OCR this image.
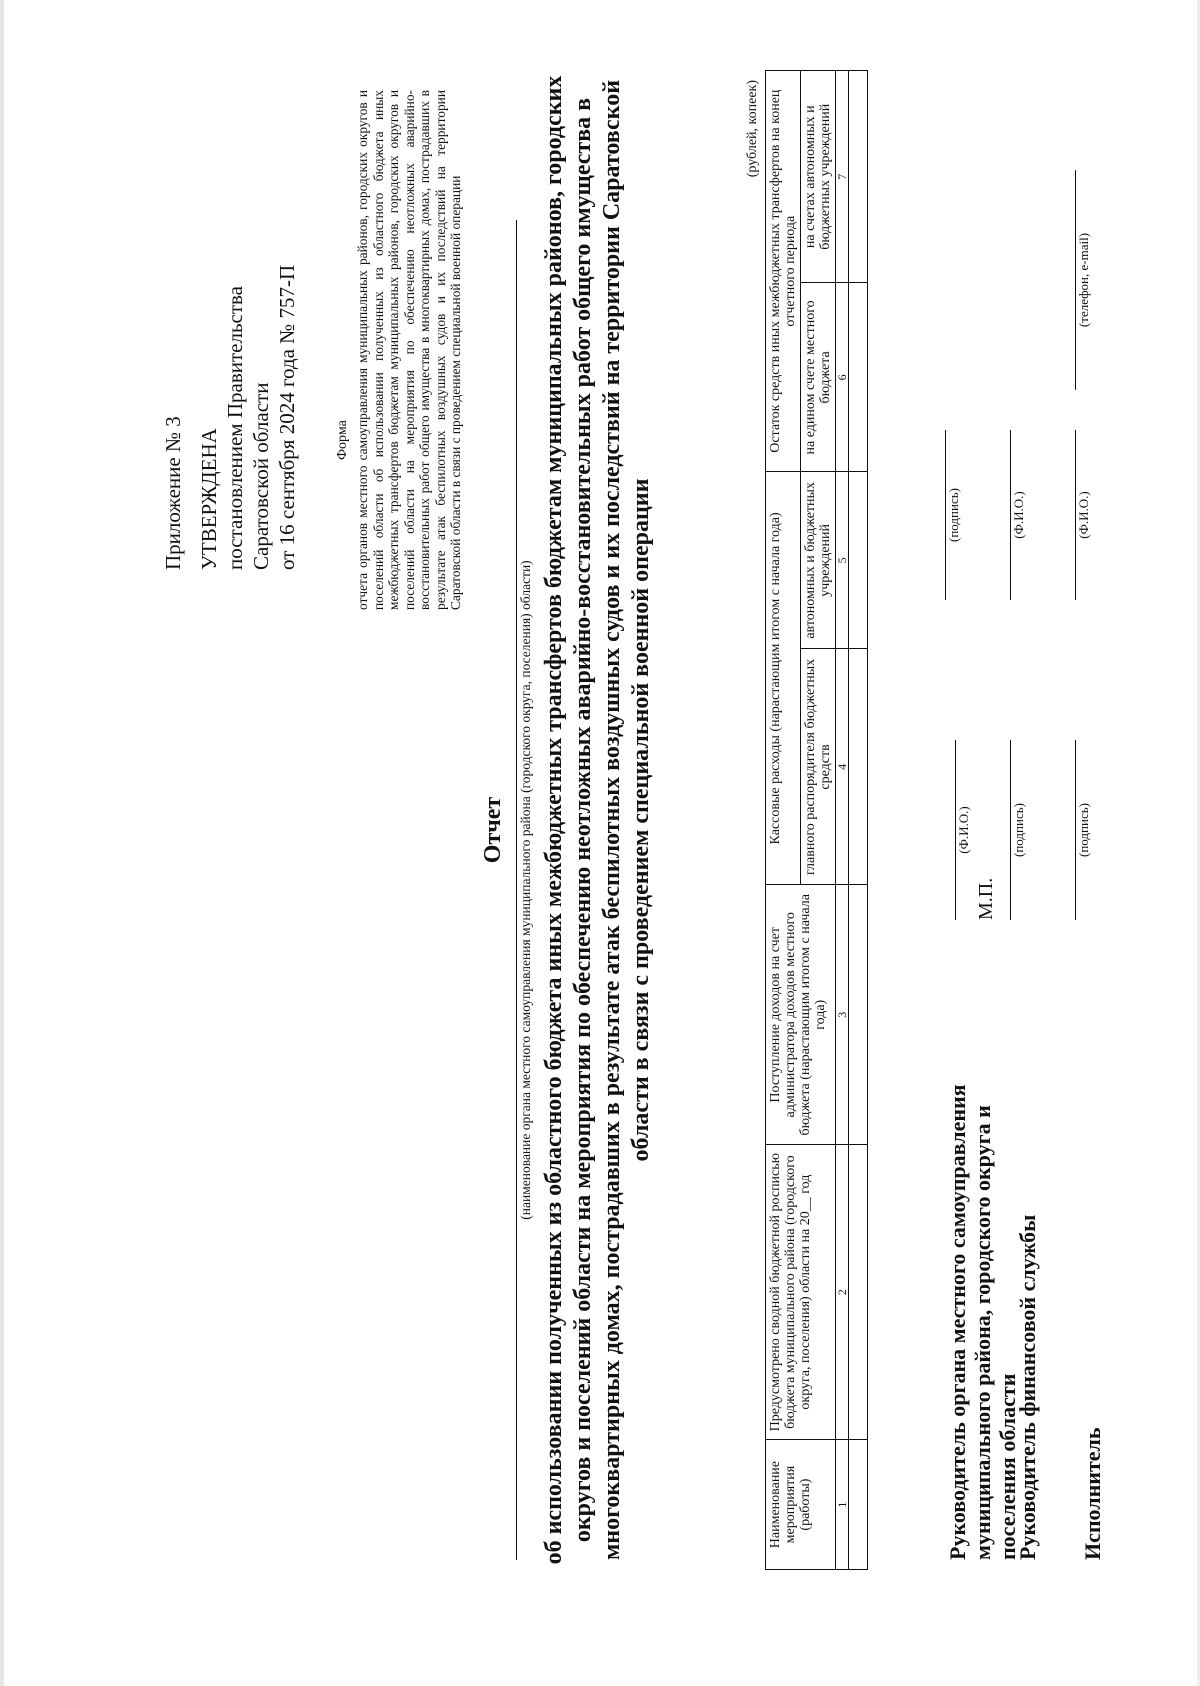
Приложение № 3 УТВЕРЖДЕНА постановлением Правительства Саратовской области от 16 сентября 2024 года № 757-П	Форма отчета органов местного самоуправления муниципальных районов, городских округов и поселений области об использовании полученных из областного бюджета иных межбюджетных трансфертов бюджетам муниципальных районов, городских округов и поселений области на мероприятия по обеспечению неотложных аварийно-восстановительных работ общего имущества в многоквартирных домах, пострадавших в результате атак беспилотных воздушных судов и их последствий на территории Саратовской области в связи с проведением специальной военной операции
Отчет (наименование органа местного самоуправления муниципального района (городского округа, поселения) области) об использовании полученных из областного бюджета иных межбюджетных трансфертов бюджетам муниципальных районов, городских округов и поселений области на мероприятия по обеспечению неотложных аварийно-восстановительных работ общего имущества в многоквартирных домах, пострадавших в результате атак беспилотных воздушных судов и их последствий на территории Саратовской области в связи с проведением специальной военной операции
(рублей, копеек)
Наименование мероприятия (работы)	Предусмотрено сводной бюджетной росписью бюджета муниципального района (городского округа, поселения) области на 20__ год	Поступление доходов на счет администратора доходов местного бюджета (нарастающим итогом с начала года)	Кассовые расходы (нарастающим итогом с начала года)		Остаток средств иных межбюджетных трансфертов на конец отчетного периода	
			главного распорядителя бюджетных средств	автономных и бюджетных учреждений	на едином счете местного бюджета	на счетах автономных и бюджетных учреждений
1	2	3	4	5	6	7

Руководитель органа местного самоуправления муниципального района, городского округа и поселения области
М.П.
(Ф.И.О.)
(подпись)
Руководитель финансовой службы
(подпись)
(Ф.И.О.)
Исполнитель
(подпись)
(Ф.И.О.)
(телефон, e-mail)
